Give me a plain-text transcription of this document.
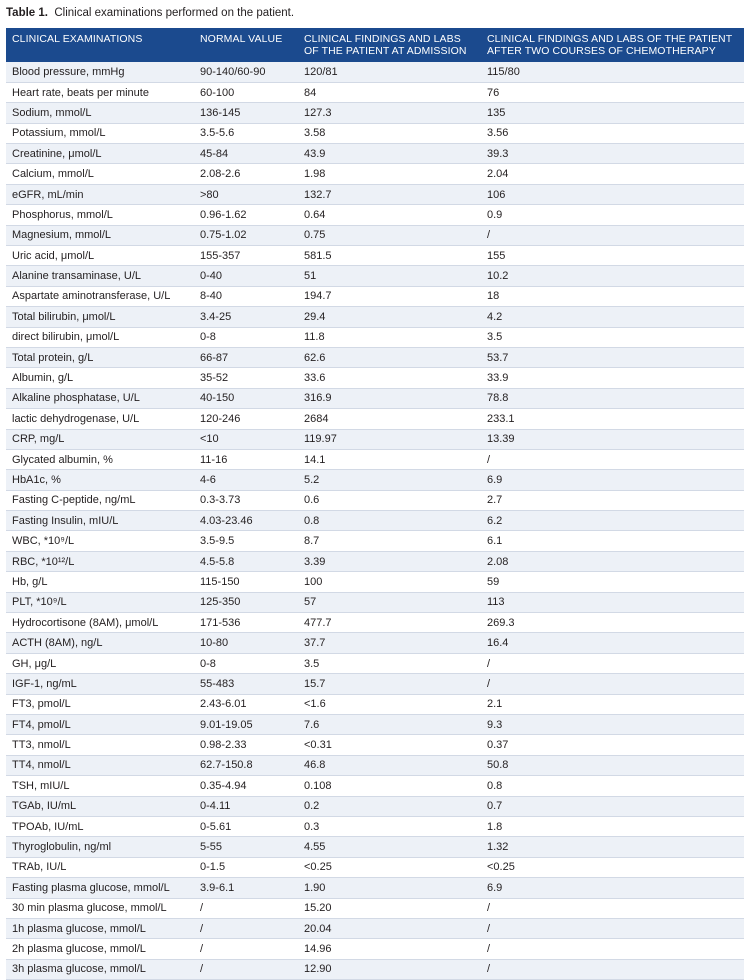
Table 1. Clinical examinations performed on the patient.
CLINICAL EXAMINATIONS	NORMAL VALUE	CLINICAL FINDINGS AND LABS OF THE PATIENT AT ADMISSION	CLINICAL FINDINGS AND LABS OF THE PATIENT AFTER TWO COURSES OF CHEMOTHERAPY
Blood pressure, mmHg	90-140/60-90	120/81	115/80
Heart rate, beats per minute	60-100	84	76
Sodium, mmol/L	136-145	127.3	135
Potassium, mmol/L	3.5-5.6	3.58	3.56
Creatinine, μmol/L	45-84	43.9	39.3
Calcium, mmol/L	2.08-2.6	1.98	2.04
eGFR, mL/min	>80	132.7	106
Phosphorus, mmol/L	0.96-1.62	0.64	0.9
Magnesium, mmol/L	0.75-1.02	0.75	/
Uric acid, μmol/L	155-357	581.5	155
Alanine transaminase, U/L	0-40	51	10.2
Aspartate aminotransferase, U/L	8-40	194.7	18
Total bilirubin, μmol/L	3.4-25	29.4	4.2
direct bilirubin, μmol/L	0-8	11.8	3.5
Total protein, g/L	66-87	62.6	53.7
Albumin, g/L	35-52	33.6	33.9
Alkaline phosphatase, U/L	40-150	316.9	78.8
lactic dehydrogenase, U/L	120-246	2684	233.1
CRP, mg/L	<10	119.97	13.39
Glycated albumin, %	11-16	14.1	/
HbA1c, %	4-6	5.2	6.9
Fasting C-peptide, ng/mL	0.3-3.73	0.6	2.7
Fasting Insulin, mIU/L	4.03-23.46	0.8	6.2
WBC, *10⁹/L	3.5-9.5	8.7	6.1
RBC, *10¹²/L	4.5-5.8	3.39	2.08
Hb, g/L	115-150	100	59
PLT, *10⁹/L	125-350	57	113
Hydrocortisone (8AM), μmol/L	171-536	477.7	269.3
ACTH (8AM), ng/L	10-80	37.7	16.4
GH, μg/L	0-8	3.5	/
IGF-1, ng/mL	55-483	15.7	/
FT3, pmol/L	2.43-6.01	<1.6	2.1
FT4, pmol/L	9.01-19.05	7.6	9.3
TT3, nmol/L	0.98-2.33	<0.31	0.37
TT4, nmol/L	62.7-150.8	46.8	50.8
TSH, mIU/L	0.35-4.94	0.108	0.8
TGAb, IU/mL	0-4.11	0.2	0.7
TPOAb, IU/mL	0-5.61	0.3	1.8
Thyroglobulin, ng/ml	5-55	4.55	1.32
TRAb, IU/L	0-1.5	<0.25	<0.25
Fasting plasma glucose, mmol/L	3.9-6.1	1.90	6.9
30 min plasma glucose, mmol/L	/	15.20	/
1h plasma glucose, mmol/L	/	20.04	/
2h plasma glucose, mmol/L	/	14.96	/
3h plasma glucose, mmol/L	/	12.90	/
